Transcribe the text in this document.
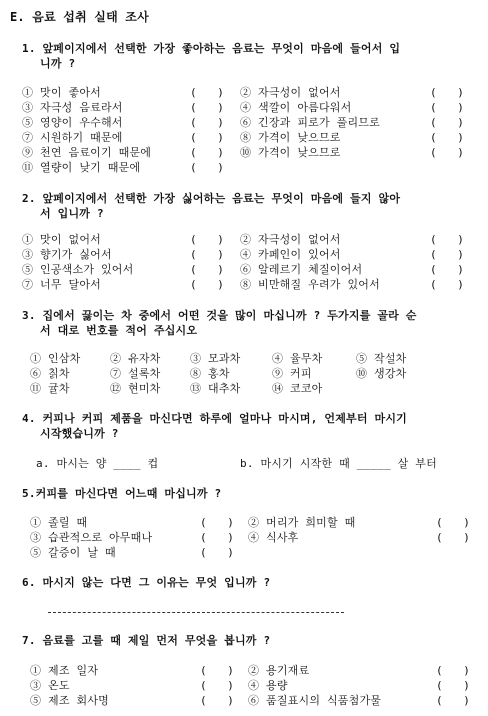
E. 음료 섭취 실태 조사
1. 앞페이지에서 선택한 가장 좋아하는 음료는 무엇이 마음에 들어서 입
니까 ?
① 맛이 좋아서	(   ) ② 자극성이 없어서	(   )
③ 자극성 음료라서	(   ) ④ 색깔이 아름다워서	(   )
⑤ 영양이 우수해서	(   ) ⑥ 긴장과 피로가 풀리므로	(   )
⑦ 시원하기 때문에	(   ) ⑧ 가격이 낮으므로	(   )
⑨ 천연 음료이기 때문에	(   ) ⑩ 가격이 낮으므로	(   )
⑪ 열량이 낮기 때문에	(   )
2. 앞페이지에서 선택한 가장 싫어하는 음료는 무엇이 마음에 들지 않아
서 입니까 ?
① 맛이 없어서	(   ) ② 자극성이 없어서	(   )
③ 향기가 싫어서	(   ) ④ 카페인이 있어서	(   )
⑤ 인공색소가 있어서	(   ) ⑥ 알레르기 체질이어서	(   )
⑦ 너무 달아서	(   ) ⑧ 비만해질 우려가 있어서	(   )
3. 집에서 끓이는 차 중에서 어떤 것을 많이 마십니까 ? 두가지를 골라 순
서 대로 번호를 적어 주십시오
① 인삼차	② 유자차	③ 모과차	④ 율무차	⑤ 작설차
⑥ 칡차	⑦ 설록차	⑧ 홍차	⑨ 커피	⑩ 생강차
⑪ 귤차	⑫ 현미차	⑬ 대추차	⑭ 코코아
4. 커피나 커피 제품을 마신다면 하루에 얼마나 마시며, 언제부터 마시기
시작했습니까 ?
a. 마시는 양 ____ 컵	b. 마시기 시작한 때 _____ 살 부터
5.커피를 마신다면 어느때 마십니까 ?
① 졸릴 때	(   ) ② 머리가 희미할 때	(   )
③ 습관적으로 아무때나	(   ) ④ 식사후	(   )
⑤ 갈증이 날 때	(   )
6. 마시지 않는 다면 그 이유는 무엇 입니까 ?
7. 음료를 고를 때 제일 먼저 무엇을 봅니까 ?
① 제조 일자	(   ) ② 용기재료	(   )
③ 온도	(   ) ④ 용량	(   )
⑤ 제조 회사명	(   ) ⑥ 품질표시의 식품첨가물	(   )
